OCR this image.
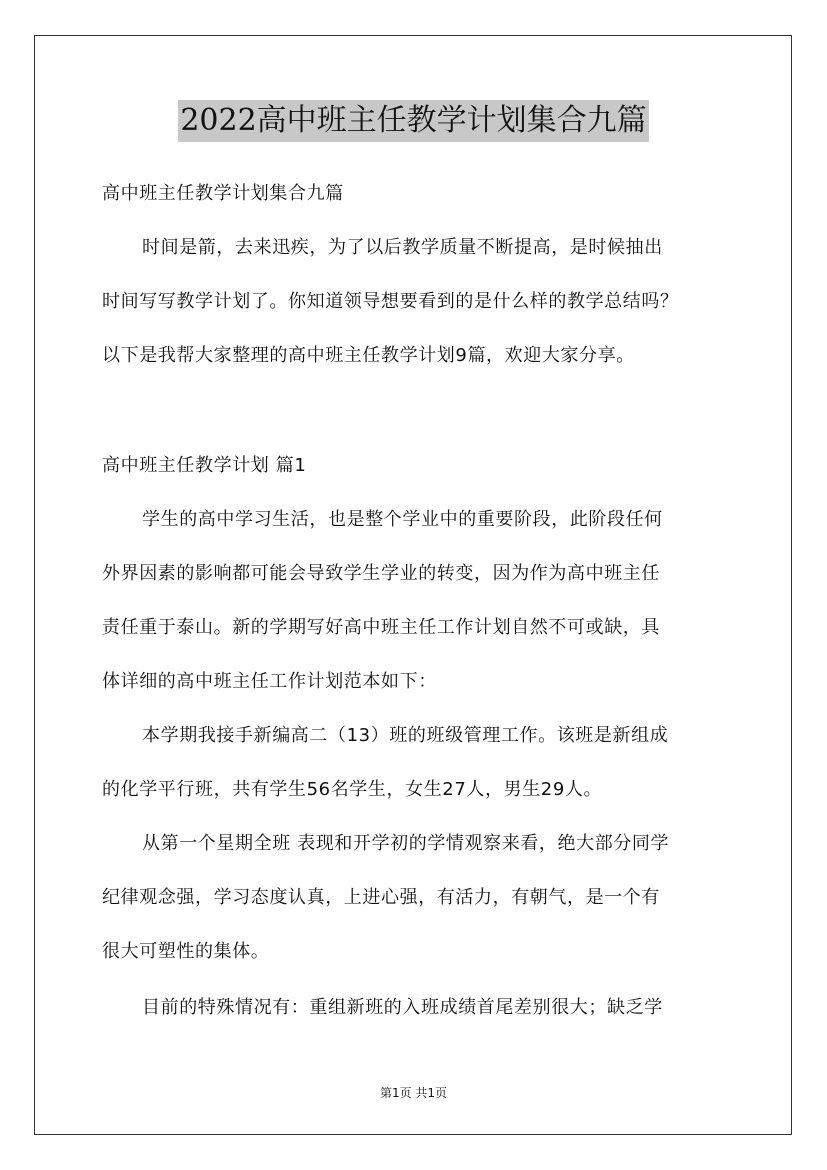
2022高中班主任教学计划集合九篇
高中班主任教学计划集合九篇
时间是箭，去来迅疾，为了以后教学质量不断提高，是时候抽出
时间写写教学计划了。你知道领导想要看到的是什么样的教学总结吗？
以下是我帮大家整理的高中班主任教学计划9篇，欢迎大家分享。
高中班主任教学计划 篇1
学生的高中学习生活，也是整个学业中的重要阶段，此阶段任何
外界因素的影响都可能会导致学生学业的转变，因为作为高中班主任
责任重于泰山。新的学期写好高中班主任工作计划自然不可或缺，具
体详细的高中班主任工作计划范本如下：
本学期我接手新编高二（13）班的班级管理工作。该班是新组成
的化学平行班，共有学生56名学生，女生27人，男生29人。
从第一个星期全班 表现和开学初的学情观察来看，绝大部分同学
纪律观念强，学习态度认真，上进心强，有活力，有朝气，是一个有
很大可塑性的集体。
目前的特殊情况有：重组新班的入班成绩首尾差别很大；缺乏学
第1页 共1页
